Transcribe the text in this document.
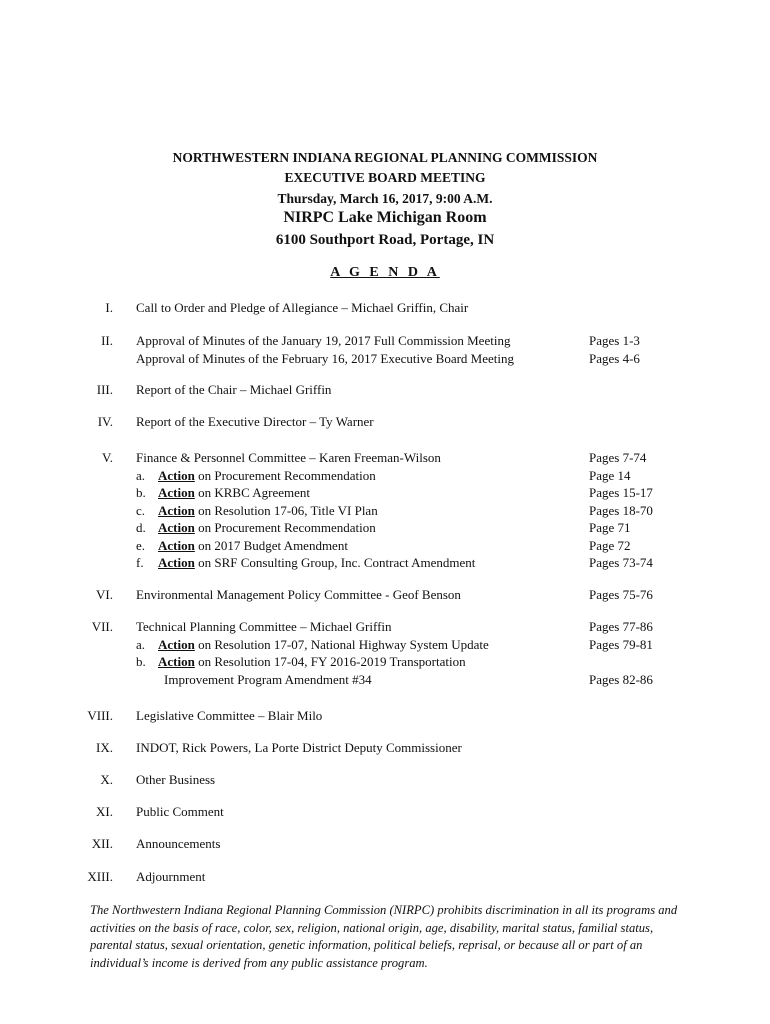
NORTHWESTERN INDIANA REGIONAL PLANNING COMMISSION
EXECUTIVE BOARD MEETING
Thursday, March 16, 2017, 9:00 A.M.
NIRPC Lake Michigan Room
6100 Southport Road, Portage, IN
A G E N D A
I. Call to Order and Pledge of Allegiance – Michael Griffin, Chair
II. Approval of Minutes of the January 19, 2017 Full Commission Meeting
Approval of Minutes of the February 16, 2017 Executive Board Meeting
Pages 1-3
Pages 4-6
III. Report of the Chair – Michael Griffin
IV. Report of the Executive Director – Ty Warner
V. Finance & Personnel Committee – Karen Freeman-Wilson
a. Action on Procurement Recommendation
b. Action on KRBC Agreement
c. Action on Resolution 17-06, Title VI Plan
d. Action on Procurement Recommendation
e. Action on 2017 Budget Amendment
f. Action on SRF Consulting Group, Inc. Contract Amendment
Pages 7-74
Page 14
Pages 15-17
Pages 18-70
Page 71
Page 72
Pages 73-74
VI. Environmental Management Policy Committee - Geof Benson	Pages 75-76
VII. Technical Planning Committee – Michael Griffin
a. Action on Resolution 17-07, National Highway System Update
b. Action on Resolution 17-04, FY 2016-2019 Transportation
Improvement Program Amendment #34
Pages 77-86
Pages 79-81
Pages 82-86
VIII. Legislative Committee – Blair Milo
IX. INDOT, Rick Powers, La Porte District Deputy Commissioner
X. Other Business
XI. Public Comment
XII. Announcements
XIII. Adjournment
The Northwestern Indiana Regional Planning Commission (NIRPC) prohibits discrimination in all its programs and activities on the basis of race, color, sex, religion, national origin, age, disability, marital status, familial status, parental status, sexual orientation, genetic information, political beliefs, reprisal, or because all or part of an individual’s income is derived from any public assistance program.
